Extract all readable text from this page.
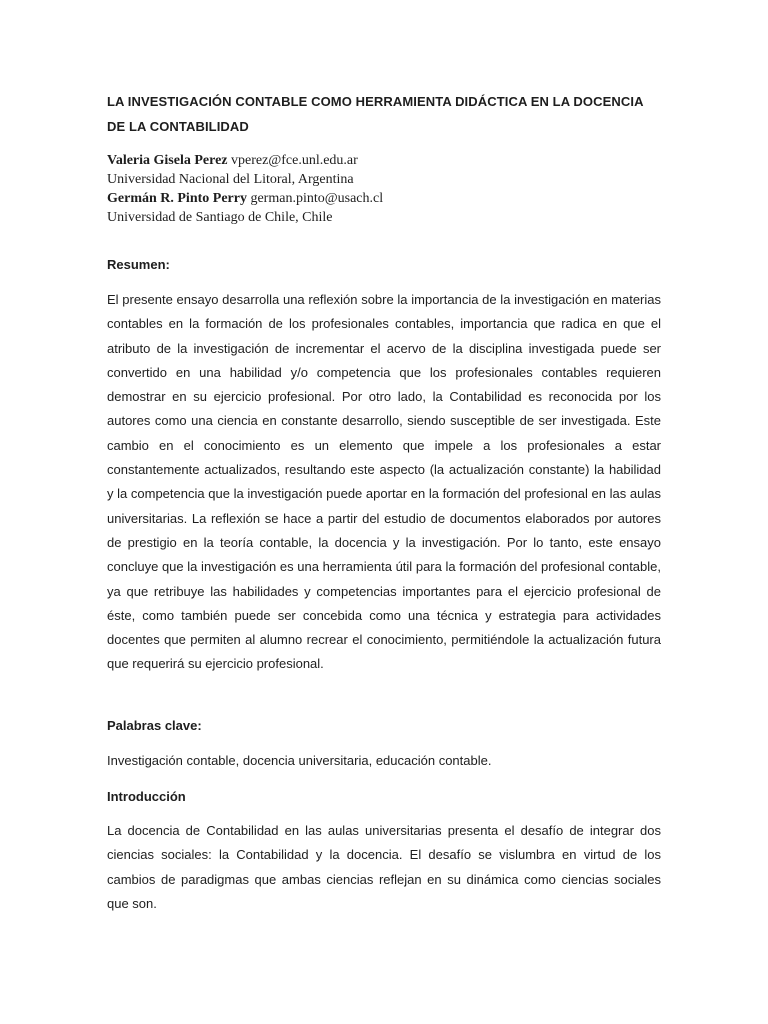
LA INVESTIGACIÓN CONTABLE COMO HERRAMIENTA DIDÁCTICA EN LA DOCENCIA DE LA CONTABILIDAD
Valeria Gisela Perez vperez@fce.unl.edu.ar
Universidad Nacional del Litoral, Argentina
Germán R. Pinto Perry german.pinto@usach.cl
Universidad de Santiago de Chile, Chile
Resumen:

El presente ensayo desarrolla una reflexión sobre la importancia de la investigación en materias contables en la formación de los profesionales contables, importancia que radica en que el atributo de la investigación de incrementar el acervo de la disciplina investigada puede ser convertido en una habilidad y/o competencia que los profesionales contables requieren demostrar en su ejercicio profesional. Por otro lado, la Contabilidad es reconocida por los autores como una ciencia en constante desarrollo, siendo susceptible de ser investigada. Este cambio en el conocimiento es un elemento que impele a los profesionales a estar constantemente actualizados, resultando este aspecto (la actualización constante) la habilidad y la competencia que la investigación puede aportar en la formación del profesional en las aulas universitarias. La reflexión se hace a partir del estudio de documentos elaborados por autores de prestigio en la teoría contable, la docencia y la investigación. Por lo tanto, este ensayo concluye que la investigación es una herramienta útil para la formación del profesional contable, ya que retribuye las habilidades y competencias importantes para el ejercicio profesional de éste, como también puede ser concebida como una técnica y estrategia para actividades docentes que permiten al alumno recrear el conocimiento, permitiéndole la actualización futura que requerirá su ejercicio profesional.

Palabras clave:

Investigación contable, docencia universitaria, educación contable.

Introducción

La docencia de Contabilidad en las aulas universitarias presenta el desafío de integrar dos ciencias sociales: la Contabilidad y la docencia. El desafío se vislumbra en virtud de los cambios de paradigmas que ambas ciencias reflejan en su dinámica como ciencias sociales que son.
